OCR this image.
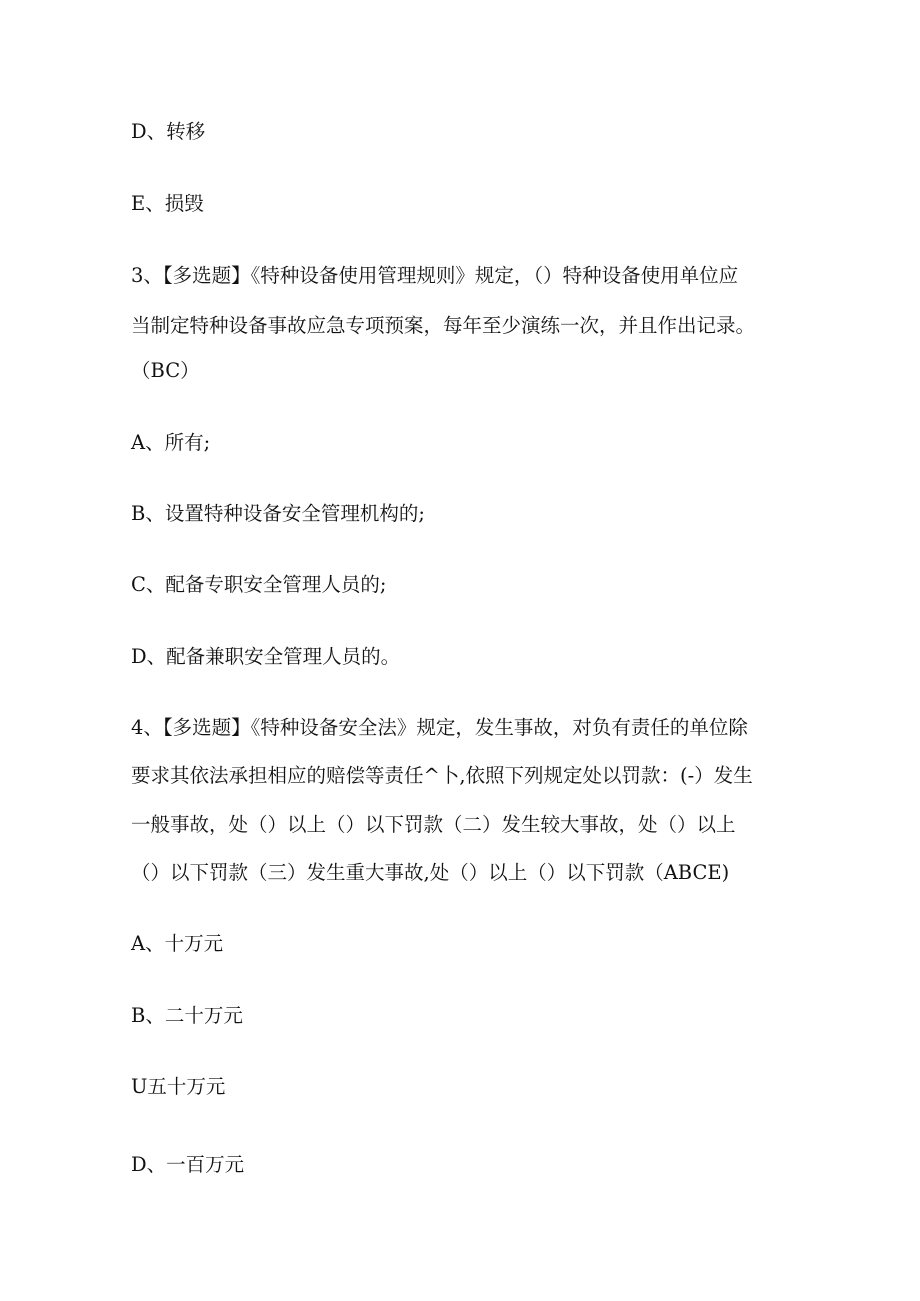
D、转移
E、损毁
3、【多选题】《特种设备使用管理规则》规定，（）特种设备使用单位应
当制定特种设备事故应急专项预案，每年至少演练一次，并且作出记录。
（BC）
A、所有;
B、设置特种设备安全管理机构的;
C、配备专职安全管理人员的;
D、配备兼职安全管理人员的。
4、【多选题】《特种设备安全法》规定，发生事故，对负有责任的单位除
要求其依法承担相应的赔偿等责任^卜,依照下列规定处以罚款：(-）发生
一般事故，处（）以上（）以下罚款（二）发生较大事故，处（）以上
（）以下罚款（三）发生重大事故,处（）以上（）以下罚款（ABCE)
A、十万元
B、二十万元
U五十万元
D、一百万元
